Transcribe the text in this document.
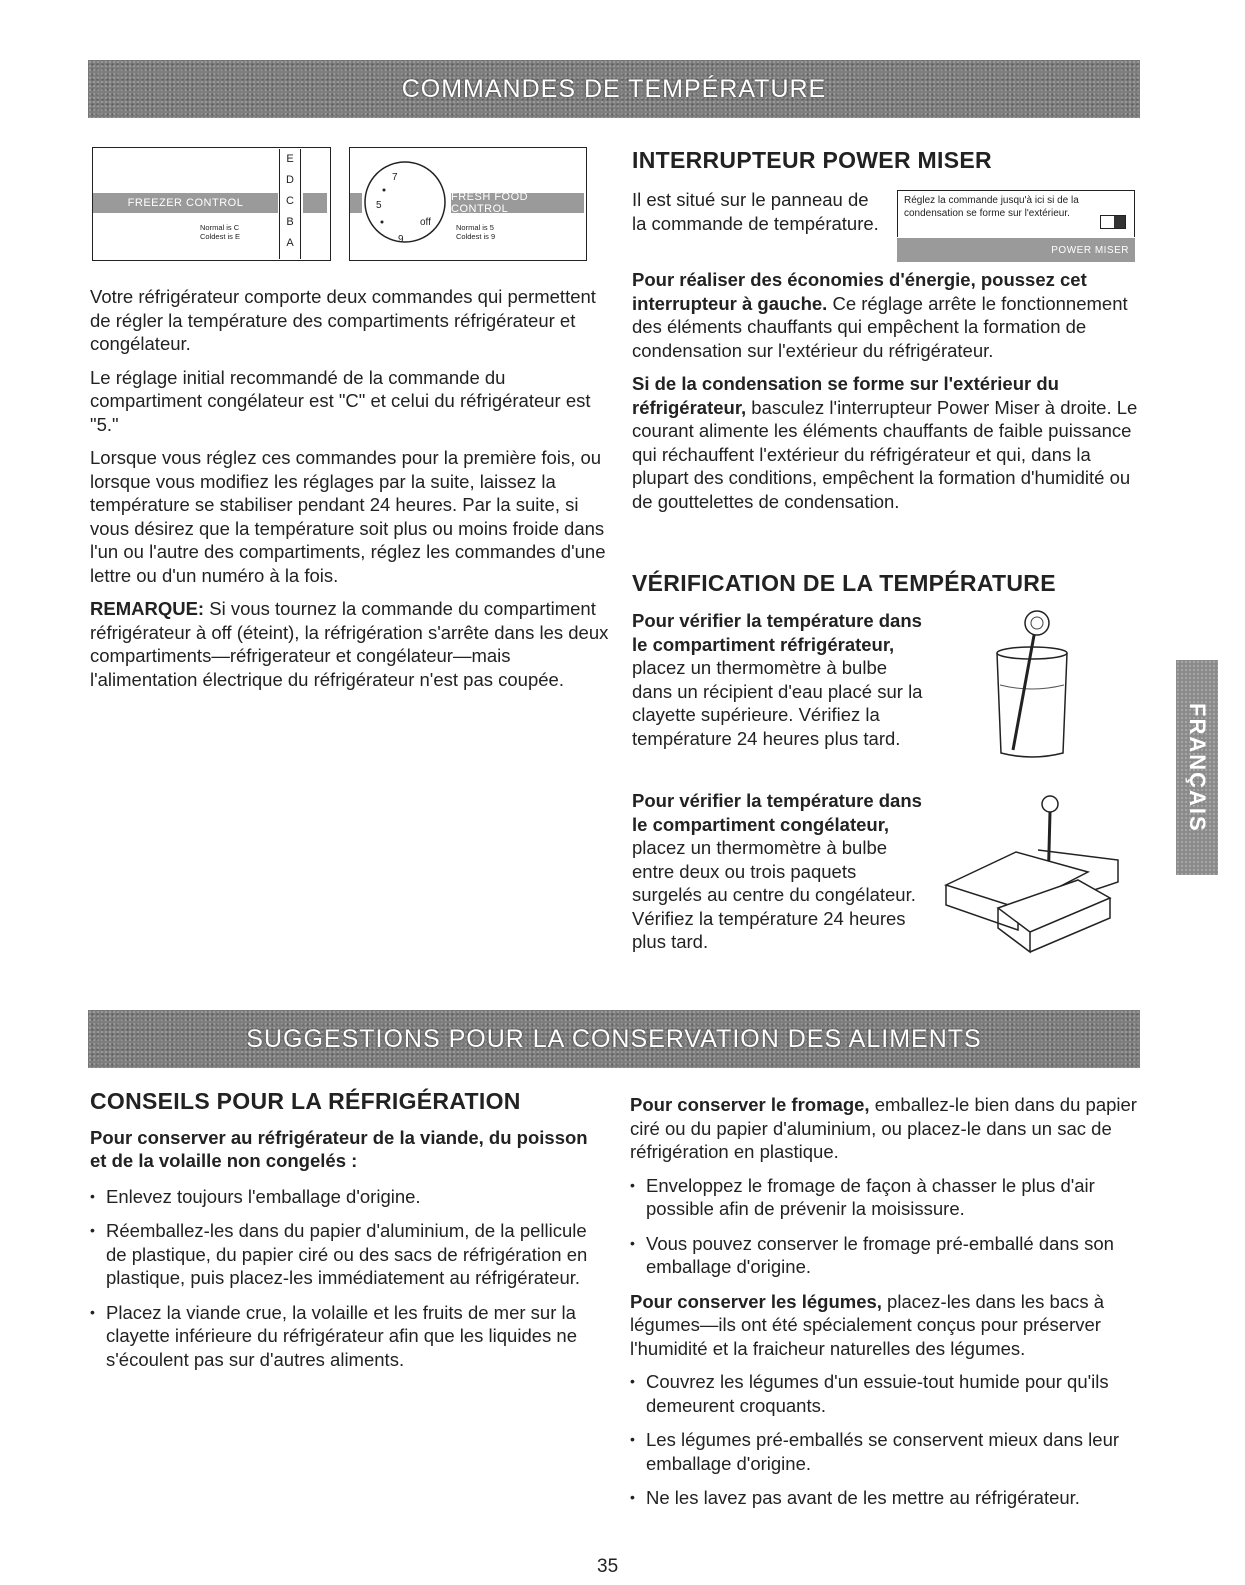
COMMANDES DE TEMPÉRATURE
FREEZER CONTROL
Normal is C
Coldest is E
E
D
C
B
A
7
5
off
9
FRESH FOOD CONTROL
Normal is 5
Coldest is 9

Votre réfrigérateur comporte deux commandes qui permettent de régler la température des compartiments réfrigérateur et congélateur.

Le réglage initial recommandé de la commande du compartiment congélateur est "C" et celui du réfrigérateur est "5."

Lorsque vous réglez ces commandes pour la première fois, ou lorsque vous modifiez les réglages par la suite, laissez la température se stabiliser pendant 24 heures. Par la suite, si vous désirez que la température soit plus ou moins froide dans l'un ou l'autre des compartiments, réglez les commandes d'une lettre ou d'un numéro à la fois.

REMARQUE: Si vous tournez la commande du compartiment réfrigérateur à off (éteint), la réfrigération s'arrête dans les deux compartiments—réfrigerateur et congélateur—mais l'alimentation électrique du réfrigérateur n'est pas coupée.

INTERRUPTEUR POWER MISER
Il est situé sur le panneau de la commande de température.
Réglez la commande jusqu'à ici si de la condensation se forme sur l'extérieur.
POWER MISER

Pour réaliser des économies d'énergie, poussez cet interrupteur à gauche. Ce réglage arrête le fonctionnement des éléments chauffants qui empêchent la formation de condensation sur l'extérieur du réfrigérateur.

Si de la condensation se forme sur l'extérieur du réfrigérateur, basculez l'interrupteur Power Miser à droite. Le courant alimente les éléments chauffants de faible puissance qui réchauffent l'extérieur du réfrigérateur et qui, dans la plupart des conditions, empêchent la formation d'humidité ou de gouttelettes de condensation.

VÉRIFICATION DE LA TEMPÉRATURE

Pour vérifier la température dans le compartiment réfrigérateur, placez un thermomètre à bulbe dans un récipient d'eau placé sur la clayette supérieure. Vérifiez la température 24 heures plus tard.

Pour vérifier la température dans le compartiment congélateur, placez un thermomètre à bulbe entre deux ou trois paquets surgelés au centre du congélateur. Vérifiez la température 24 heures plus tard.

FRANÇAIS
SUGGESTIONS POUR LA CONSERVATION DES ALIMENTS
CONSEILS POUR LA RÉFRIGÉRATION

Pour conserver au réfrigérateur de la viande, du poisson et de la volaille non congelés :

• Enlevez toujours l'emballage d'origine.
• Réemballez-les dans du papier d'aluminium, de la pellicule de plastique, du papier ciré ou des sacs de réfrigération en plastique, puis placez-les immédiatement au réfrigérateur.
• Placez la viande crue, la volaille et les fruits de mer sur la clayette inférieure du réfrigérateur afin que les liquides ne s'écoulent pas sur d'autres aliments.

Pour conserver le fromage, emballez-le bien dans du papier ciré ou du papier d'aluminium, ou placez-le dans un sac de réfrigération en plastique.

• Enveloppez le fromage de façon à chasser le plus d'air possible afin de prévenir la moisissure.
• Vous pouvez conserver le fromage pré-emballé dans son emballage d'origine.

Pour conserver les légumes, placez-les dans les bacs à légumes—ils ont été spécialement conçus pour préserver l'humidité et la fraicheur naturelles des légumes.

• Couvrez les légumes d'un essuie-tout humide pour qu'ils demeurent croquants.
• Les légumes pré-emballés se conservent mieux dans leur emballage d'origine.
• Ne les lavez pas avant de les mettre au réfrigérateur.
35
